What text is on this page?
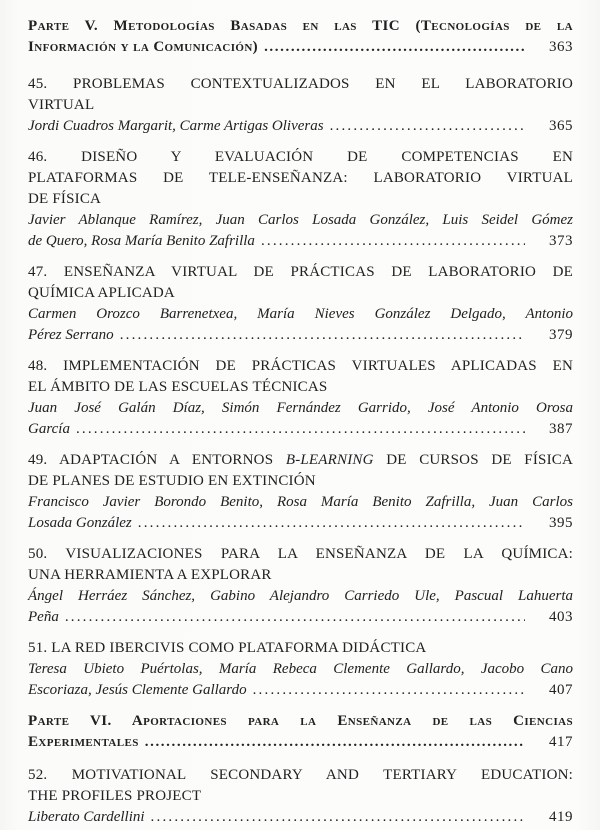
Parte V. Metodologías Basadas en las TIC (Tecnologías de la
Información y la Comunicación) .....	363
45. PROBLEMAS CONTEXTUALIZADOS EN EL LABORATORIO
VIRTUAL
Jordi Cuadros Margarit, Carme Artigas Oliveras .....	365
46. DISEÑO Y EVALUACIÓN DE COMPETENCIAS EN
PLATAFORMAS DE TELE-ENSEÑANZA: LABORATORIO VIRTUAL
DE FÍSICA
Javier Ablanque Ramírez, Juan Carlos Losada González, Luis Seidel Gómez
de Quero, Rosa María Benito Zafrilla .....	373
47. ENSEÑANZA VIRTUAL DE PRÁCTICAS DE LABORATORIO DE
QUÍMICA APLICADA
Carmen Orozco Barrenetxea, María Nieves González Delgado, Antonio
Pérez Serrano .....	379
48. IMPLEMENTACIÓN DE PRÁCTICAS VIRTUALES APLICADAS EN
EL ÁMBITO DE LAS ESCUELAS TÉCNICAS
Juan José Galán Díaz, Simón Fernández Garrido, José Antonio Orosa
García .....	387
49. ADAPTACIÓN A ENTORNOS B-LEARNING DE CURSOS DE FÍSICA
DE PLANES DE ESTUDIO EN EXTINCIÓN
Francisco Javier Borondo Benito, Rosa María Benito Zafrilla, Juan Carlos
Losada González .....	395
50. VISUALIZACIONES PARA LA ENSEÑANZA DE LA QUÍMICA:
UNA HERRAMIENTA A EXPLORAR
Ángel Herráez Sánchez, Gabino Alejandro Carriedo Ule, Pascual Lahuerta
Peña .....	403
51. LA RED IBERCIVIS COMO PLATAFORMA DIDÁCTICA
Teresa Ubieto Puértolas, María Rebeca Clemente Gallardo, Jacobo Cano
Escoriaza, Jesús Clemente Gallardo .....	407
Parte VI. Aportaciones para la Enseñanza de las Ciencias
Experimentales .....	417
52. MOTIVATIONAL SECONDARY AND TERTIARY EDUCATION:
THE PROFILES PROJECT
Liberato Cardellini .....	419
